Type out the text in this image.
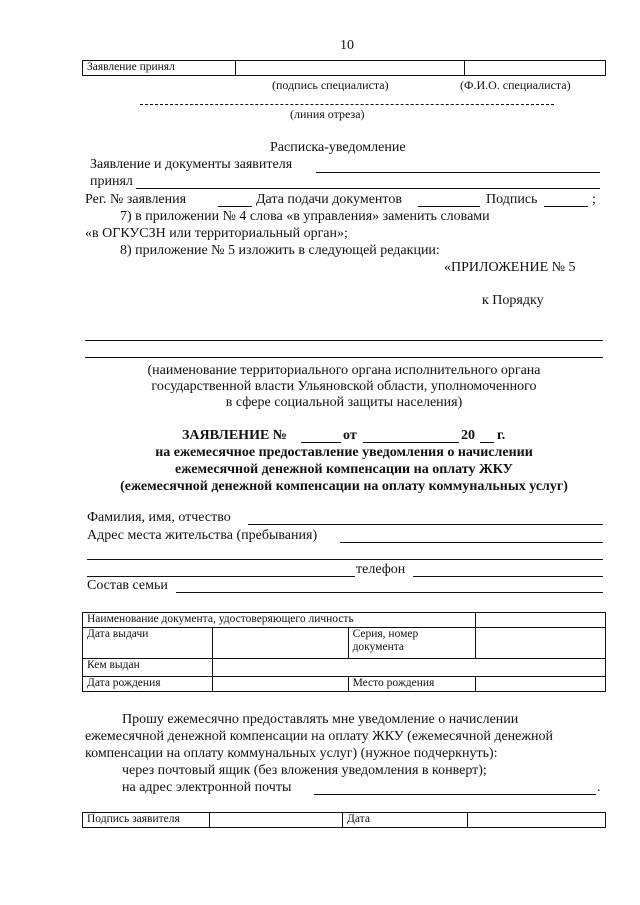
10
Заявление принял		
(подпись специалиста)	(Ф.И.О. специалиста)
(линия отреза)
Расписка-уведомление
Заявление и документы заявителя
принял
Рег. № заявления	Дата подачи документов	Подпись	;
7) в приложении № 4 слова «в управления» заменить словами
«в ОГКУСЗН или территориальный орган»;
8) приложение № 5 изложить в следующей редакции:
«ПРИЛОЖЕНИЕ № 5
к Порядку
(наименование территориального органа исполнительного органа
государственной власти Ульяновской области, уполномоченного
в сфере социальной защиты населения)
ЗАЯВЛЕНИЕ №	от	20 г.
на ежемесячное предоставление уведомления о начислении
ежемесячной денежной компенсации на оплату ЖКУ
(ежемесячной денежной компенсации на оплату коммунальных услуг)
Фамилия, имя, отчество
Адрес места жительства (пребывания)
телефон
Состав семьи
Наименование документа, удостоверяющего личность			
Дата выдачи		Серия, номер документа	
Кем выдан			
Дата рождения		Место рождения	
Прошу ежемесячно предоставлять мне уведомление о начислении
ежемесячной денежной компенсации на оплату ЖКУ (ежемесячной денежной
компенсации на оплату коммунальных услуг) (нужное подчеркнуть):
через почтовый ящик (без вложения уведомления в конверт);
на адрес электронной почты	.
Подпись заявителя		Дата	
